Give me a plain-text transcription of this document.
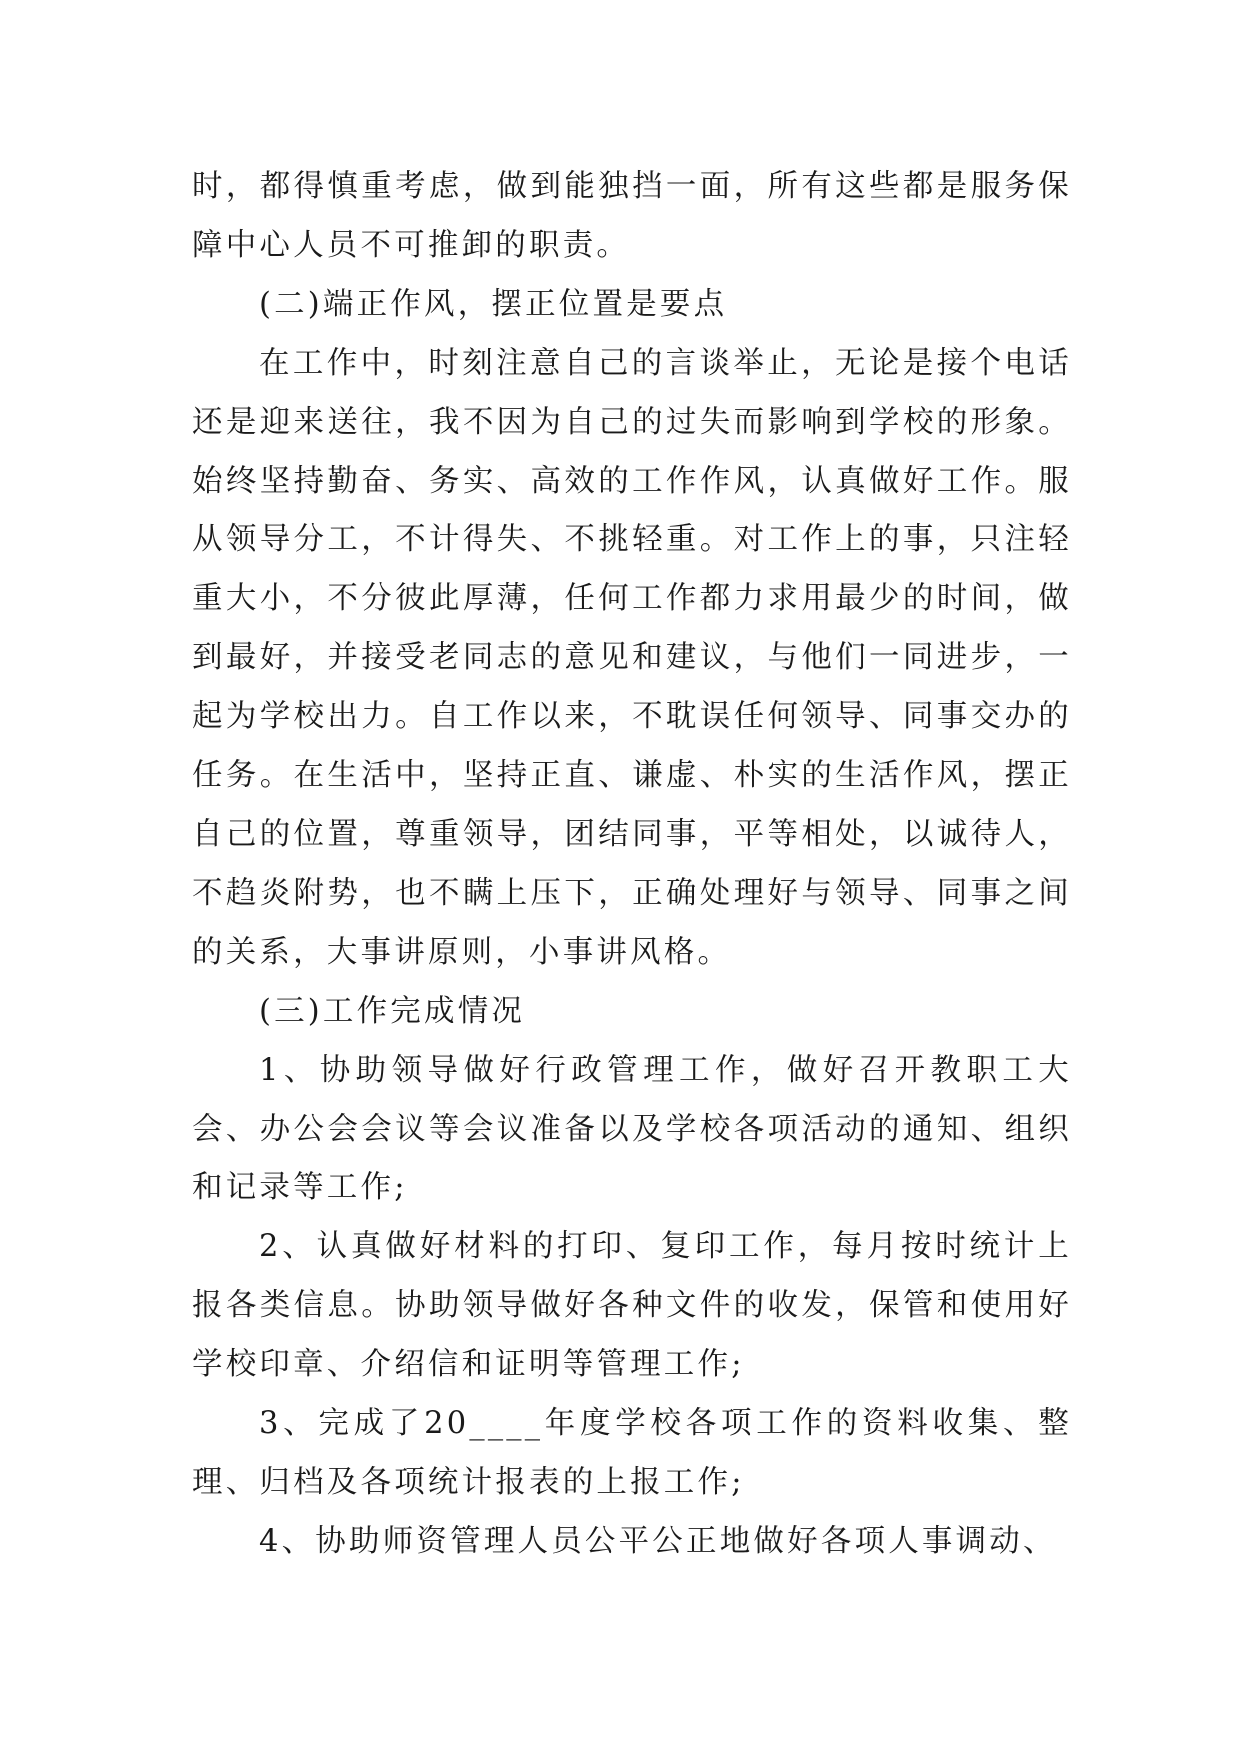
时，都得慎重考虑，做到能独挡一面，所有这些都是服务保障中心人员不可推卸的职责。

(二)端正作风，摆正位置是要点

在工作中，时刻注意自己的言谈举止，无论是接个电话还是迎来送往，我不因为自己的过失而影响到学校的形象。始终坚持勤奋、务实、高效的工作作风，认真做好工作。服从领导分工，不计得失、不挑轻重。对工作上的事，只注轻重大小，不分彼此厚薄，任何工作都力求用最少的时间，做到最好，并接受老同志的意见和建议，与他们一同进步，一起为学校出力。自工作以来，不耽误任何领导、同事交办的任务。在生活中，坚持正直、谦虚、朴实的生活作风，摆正自己的位置，尊重领导，团结同事，平等相处，以诚待人，不趋炎附势，也不瞒上压下，正确处理好与领导、同事之间的关系，大事讲原则，小事讲风格。

(三)工作完成情况

1、协助领导做好行政管理工作，做好召开教职工大会、办公会会议等会议准备以及学校各项活动的通知、组织和记录等工作;

2、认真做好材料的打印、复印工作，每月按时统计上报各类信息。协助领导做好各种文件的收发，保管和使用好学校印章、介绍信和证明等管理工作;

3、完成了20____年度学校各项工作的资料收集、整理、归档及各项统计报表的上报工作;

4、协助师资管理人员公平公正地做好各项人事调动、
